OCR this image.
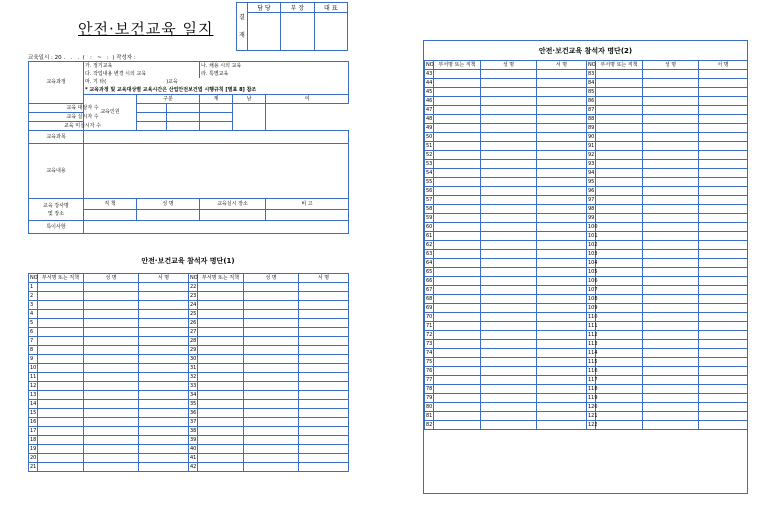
안전·보건교육 일지
결
재	담 당	부 장	대 표

교육일시 : 20 .   .   .  (   :   ~   :  ) 작성자 :
교육과정	가. 정기교육			나. 채용 시의 교육			
	다. 작업내용 변경 시의 교육			라. 특별교육			
	마. 기 타( )교육						
	* 교육과정 및 교육대상별 교육시간은 산업안전보건법 시행규칙 [별표 8] 참조						
	교육인원	구분		계	남	여	
교육 대상자 수							
교육 실시자 수							
교육 미실시자 수							
교육과목							
교육내용							

교육 강사명
및 장소	직 책	성 명		교육실시 장소		비 고	

특이사항							
안전·보건교육 참석자 명단(1)
NO	부서명 또는 직책	성 명	서 명	NO	부서명 또는 직책	성 명	서 명
1				22			
2				23			
3				24			
4				25			
5				26			
6				27			
7				28			
8				29			
9				30			
10				31			
11				32			
12				33			
13				34			
14				35			
15				36			
16				37			
17				38			
18				39			
19				40			
20				41			
21				42			
안전·보건교육 참석자 명단(2)
NO	부서명 또는 직책	성 명	서 명	NO	부서명 또는 직책	성 명	서 명
43				83			
44				84			
45				85			
46				86			
47				87			
48				88			
49				89			
50				90			
51				91			
52				92			
53				93			
54				94			
55				95			
56				96			
57				97			
58				98			
59				99			
60				100			
61				101			
62				102			
63				103			
64				104			
65				105			
66				106			
67				107			
68				108			
69				109			
70				110			
71				111			
72				112			
73				113			
74				114			
75				115			
76				116			
77				117			
78				118			
79				119			
80				120			
81				121			
82				122			
